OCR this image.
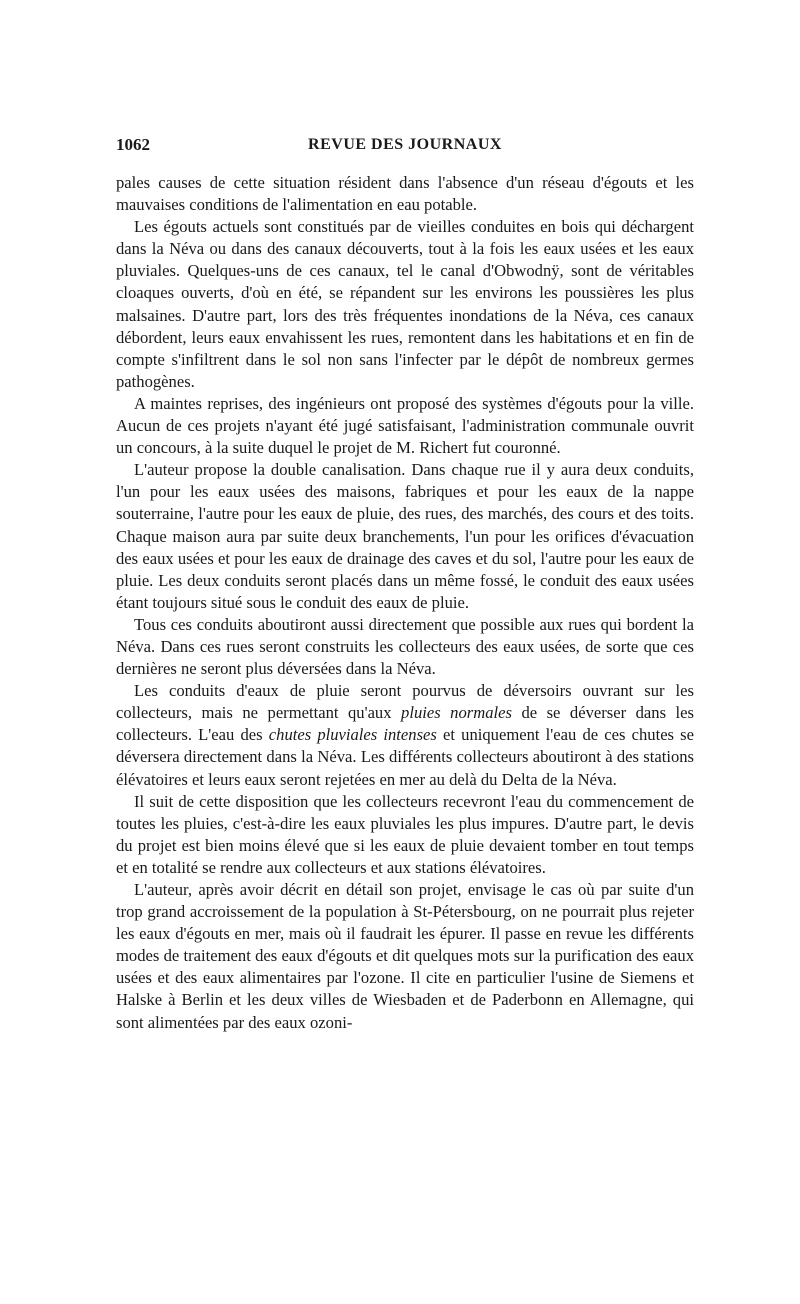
1062	REVUE DES JOURNAUX

pales causes de cette situation résident dans l'absence d'un réseau d'égouts et les mauvaises conditions de l'alimentation en eau potable.

Les égouts actuels sont constitués par de vieilles conduites en bois qui déchargent dans la Néva ou dans des canaux découverts, tout à la fois les eaux usées et les eaux pluviales. Quelques-uns de ces canaux, tel le canal d'Obwodnÿ, sont de véritables cloaques ouverts, d'où en été, se répandent sur les environs les poussières les plus malsaines. D'autre part, lors des très fréquentes inondations de la Néva, ces canaux débordent, leurs eaux envahissent les rues, remontent dans les habitations et en fin de compte s'infiltrent dans le sol non sans l'infecter par le dépôt de nombreux germes pathogènes.

A maintes reprises, des ingénieurs ont proposé des systèmes d'égouts pour la ville. Aucun de ces projets n'ayant été jugé satisfaisant, l'administration communale ouvrit un concours, à la suite duquel le projet de M. Richert fut couronné.

L'auteur propose la double canalisation. Dans chaque rue il y aura deux conduits, l'un pour les eaux usées des maisons, fabriques et pour les eaux de la nappe souterraine, l'autre pour les eaux de pluie, des rues, des marchés, des cours et des toits. Chaque maison aura par suite deux branchements, l'un pour les orifices d'évacuation des eaux usées et pour les eaux de drainage des caves et du sol, l'autre pour les eaux de pluie. Les deux conduits seront placés dans un même fossé, le conduit des eaux usées étant toujours situé sous le conduit des eaux de pluie.

Tous ces conduits aboutiront aussi directement que possible aux rues qui bordent la Néva. Dans ces rues seront construits les collecteurs des eaux usées, de sorte que ces dernières ne seront plus déversées dans la Néva.

Les conduits d'eaux de pluie seront pourvus de déversoirs ouvrant sur les collecteurs, mais ne permettant qu'aux pluies normales de se déverser dans les collecteurs. L'eau des chutes pluviales intenses et uniquement l'eau de ces chutes se déversera directement dans la Néva. Les différents collecteurs aboutiront à des stations élévatoires et leurs eaux seront rejetées en mer au delà du Delta de la Néva.

Il suit de cette disposition que les collecteurs recevront l'eau du commencement de toutes les pluies, c'est-à-dire les eaux pluviales les plus impures. D'autre part, le devis du projet est bien moins élevé que si les eaux de pluie devaient tomber en tout temps et en totalité se rendre aux collecteurs et aux stations élévatoires.

L'auteur, après avoir décrit en détail son projet, envisage le cas où par suite d'un trop grand accroissement de la population à St-Pétersbourg, on ne pourrait plus rejeter les eaux d'égouts en mer, mais où il faudrait les épurer. Il passe en revue les différents modes de traitement des eaux d'égouts et dit quelques mots sur la purification des eaux usées et des eaux alimentaires par l'ozone. Il cite en particulier l'usine de Siemens et Halske à Berlin et les deux villes de Wiesbaden et de Paderbonn en Allemagne, qui sont alimentées par des eaux ozoni-
